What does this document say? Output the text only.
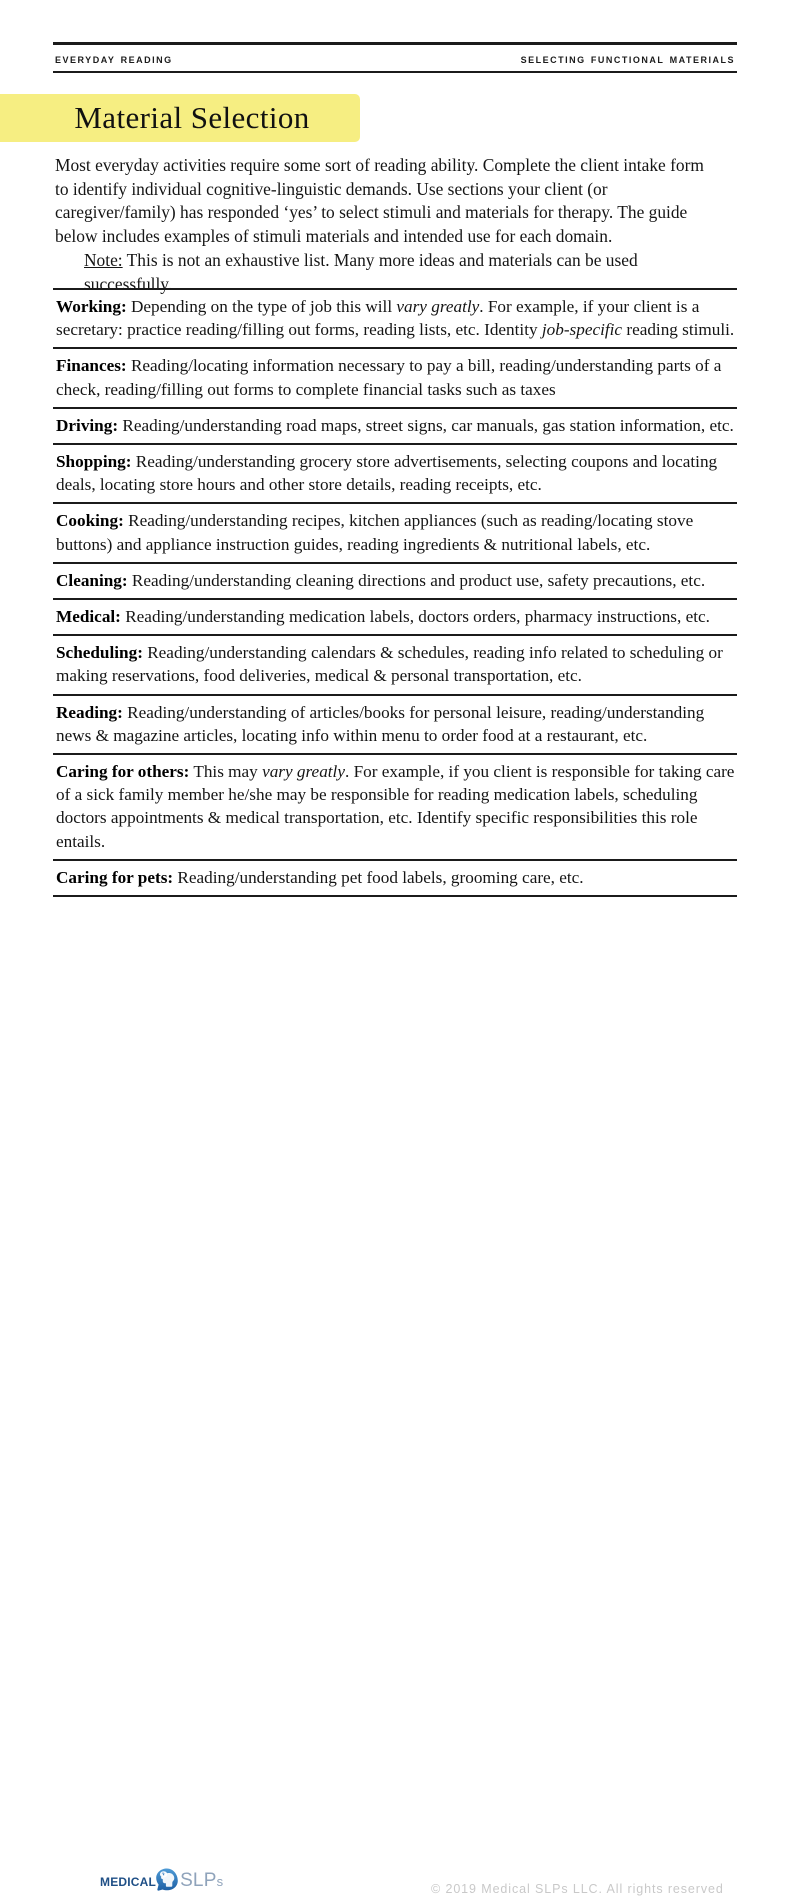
everyday reading	selecting functional materials
Material Selection

Most everyday activities require some sort of reading ability. Complete the client intake form to identify individual cognitive-linguistic demands. Use sections your client (or caregiver/family) has responded ‘yes’ to select stimuli and materials for therapy. The guide below includes examples of stimuli materials and intended use for each domain.

Note: This is not an exhaustive list. Many more ideas and materials can be used successfully.

Working: Depending on the type of job this will vary greatly. For example, if your client is a secretary: practice reading/filling out forms, reading lists, etc. Identity job-specific reading stimuli.

Finances: Reading/locating information necessary to pay a bill, reading/understanding parts of a check, reading/filling out forms to complete financial tasks such as taxes

Driving: Reading/understanding road maps, street signs, car manuals, gas station information, etc.

Shopping: Reading/understanding grocery store advertisements, selecting coupons and locating deals, locating store hours and other store details, reading receipts, etc.

Cooking: Reading/understanding recipes, kitchen appliances (such as reading/locating stove buttons) and appliance instruction guides, reading ingredients & nutritional labels, etc.

Cleaning: Reading/understanding cleaning directions and product use, safety precautions, etc.

Medical: Reading/understanding medication labels, doctors orders, pharmacy instructions, etc.

Scheduling: Reading/understanding calendars & schedules, reading info related to scheduling or making reservations, food deliveries, medical & personal transportation, etc.

Reading: Reading/understanding of articles/books for personal leisure, reading/understanding news & magazine articles, locating info within menu to order food at a restaurant, etc.

Caring for others: This may vary greatly. For example, if you client is responsible for taking care of a sick family member he/she may be responsible for reading medication labels, scheduling doctors appointments & medical transportation, etc. Identify specific responsibilities this role entails.

Caring for pets: Reading/understanding pet food labels, grooming care, etc.

medical SLPs	© 2019 Medical SLPs LLC. All rights reserved
